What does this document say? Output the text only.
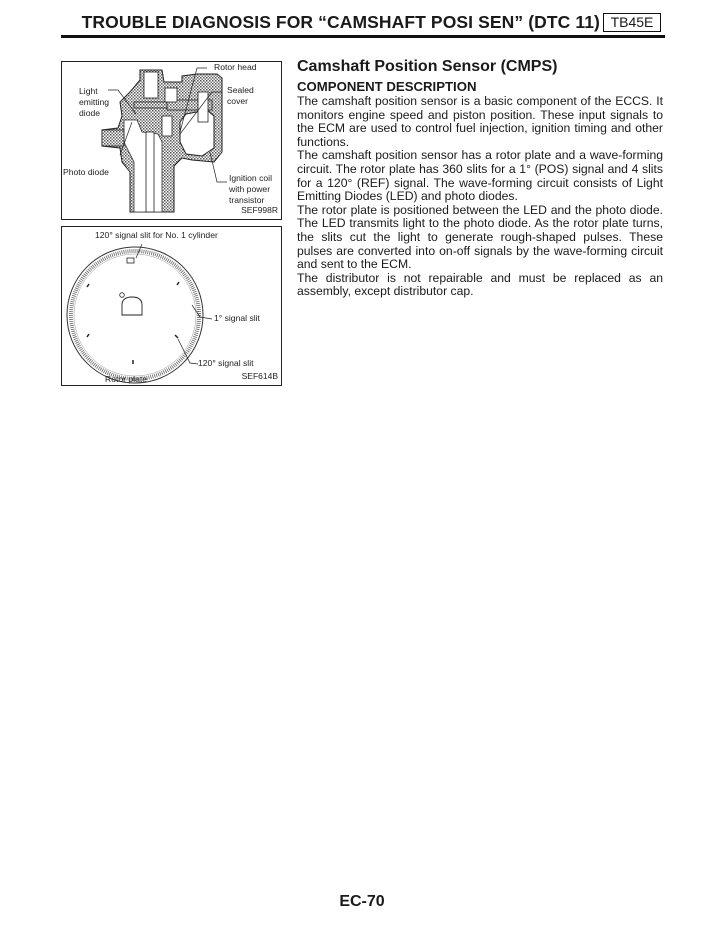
TROUBLE DIAGNOSIS FOR “CAMSHAFT POSI SEN” (DTC 11) TB45E
Rotor head
Sealed
cover
Light
emitting
diode
Photo diode
Ignition coil
with power
transistor
SEF998R
120° signal slit for No. 1 cylinder
1° signal slit
120° signal slit
Rotor plate	SEF614B
Camshaft Position Sensor (CMPS)
COMPONENT DESCRIPTION

The camshaft position sensor is a basic component of the ECCS. It monitors engine speed and piston position. These input signals to the ECM are used to control fuel injection, ignition timing and other functions.

The camshaft position sensor has a rotor plate and a wave-forming circuit. The rotor plate has 360 slits for a 1° (POS) signal and 4 slits for a 120° (REF) signal. The wave-forming circuit consists of Light Emitting Diodes (LED) and photo diodes.

The rotor plate is positioned between the LED and the photo diode. The LED transmits light to the photo diode. As the rotor plate turns, the slits cut the light to generate rough-shaped pulses. These pulses are converted into on-off signals by the wave-forming circuit and sent to the ECM.

The distributor is not repairable and must be replaced as an assembly, except distributor cap.

EC-70
